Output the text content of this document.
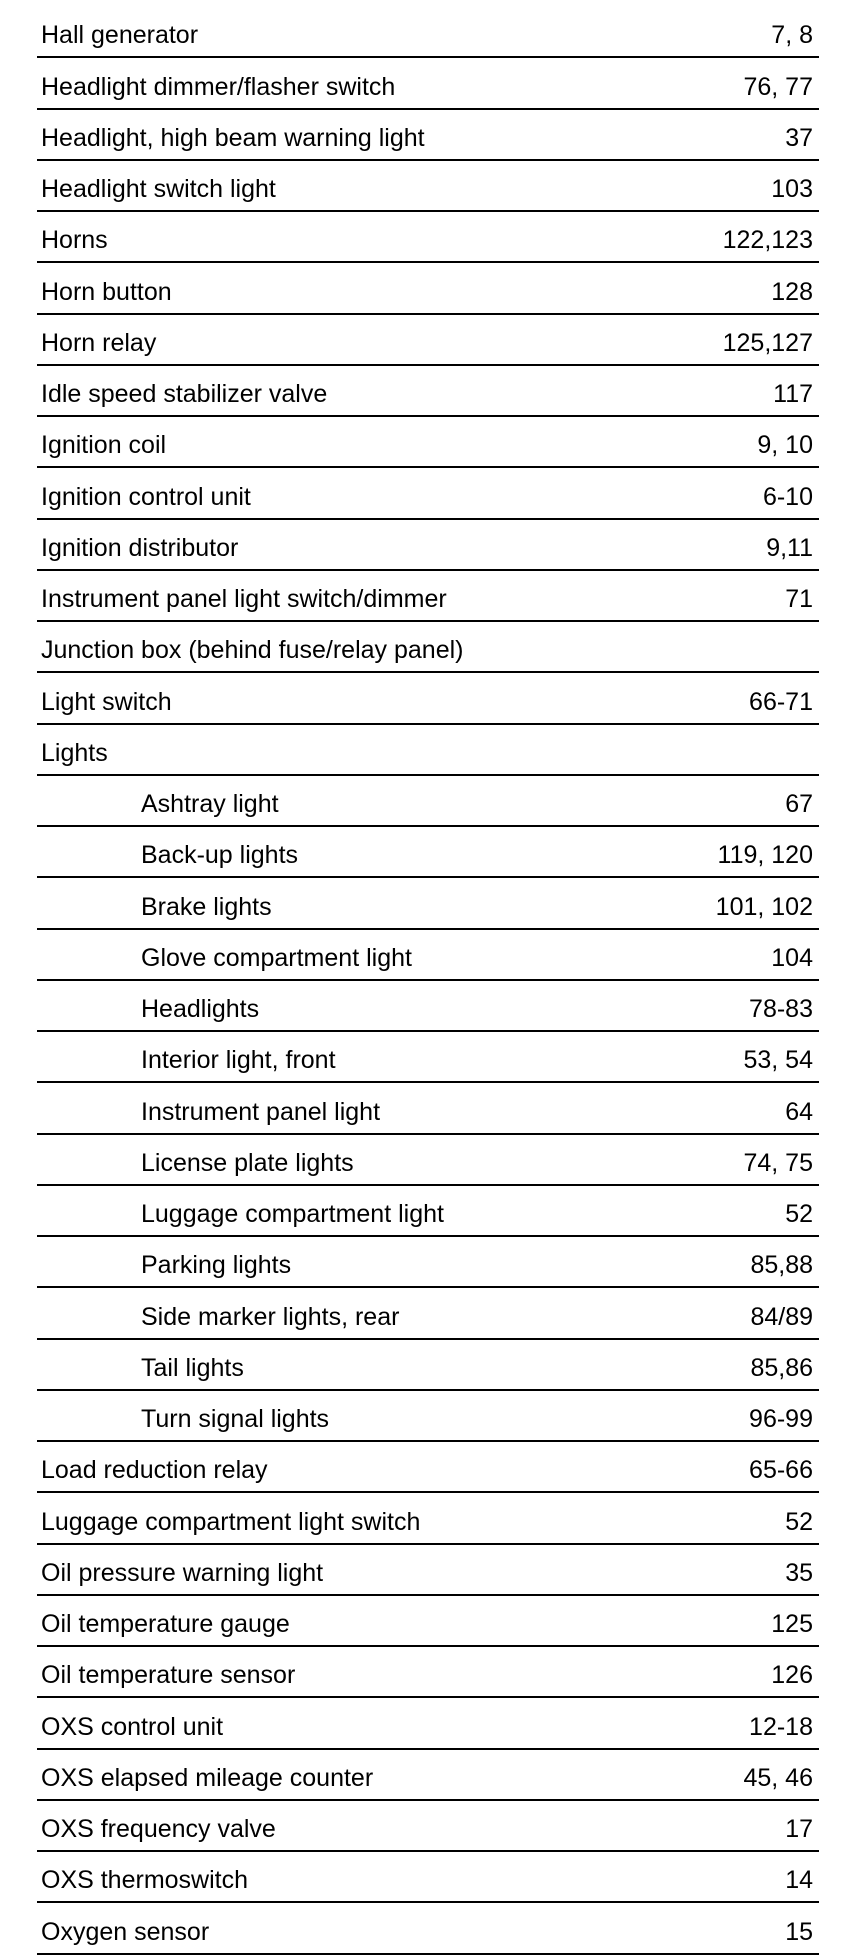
Hall generator	7, 8
Headlight dimmer/flasher switch	76, 77
Headlight, high beam warning light	37
Headlight switch light	103
Horns	122,123
Horn button	128
Horn relay	125,127
Idle speed stabilizer valve	117
Ignition coil	9, 10
Ignition control unit	6-10
Ignition distributor	9,11
Instrument panel light switch/dimmer	71
Junction box (behind fuse/relay panel)
Light switch	66-71
Lights
Ashtray light	67
Back-up lights	119, 120
Brake lights	101, 102
Glove compartment light	104
Headlights	78-83
Interior light, front	53, 54
Instrument panel light	64
License plate lights	74, 75
Luggage compartment light	52
Parking lights	85,88
Side marker lights, rear	84/89
Tail lights	85,86
Turn signal lights	96-99
Load reduction relay	65-66
Luggage compartment light switch	52
Oil pressure warning light	35
Oil temperature gauge	125
Oil temperature sensor	126
OXS control unit	12-18
OXS elapsed mileage counter	45, 46
OXS frequency valve	17
OXS thermoswitch	14
Oxygen sensor	15
